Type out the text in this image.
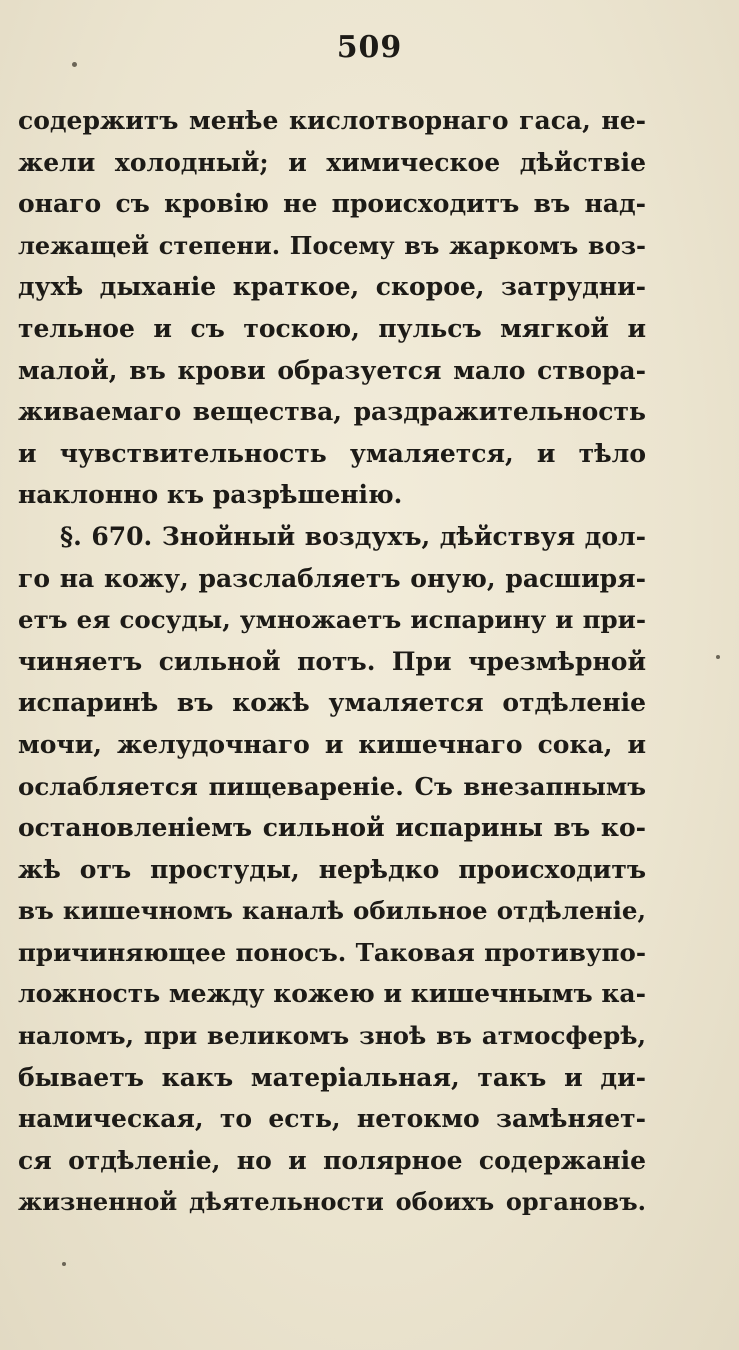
509
содержитъ менѣе кислотворнаго гаса, не-
жели холодный; и химическое дѣйствіе
онаго съ кровію не происходитъ въ над-
лежащей степени. Посему въ жаркомъ воз-
духѣ дыханіе краткое, скорое, затрудни-
тельное и съ тоскою, пульсъ мягкой и
малой, въ крови образуется мало створа-
живаемаго вещества, раздражительность
и чувствительность умаляется, и тѣло
наклонно къ разрѣшенію.
§. 670. Знойный воздухъ, дѣйствуя дол-
го на кожу, разслабляетъ оную, расширя-
етъ ея сосуды, умножаетъ испарину и при-
чиняетъ сильной потъ. При чрезмѣрной
испаринѣ въ кожѣ умаляется отдѣленіе
мочи, желудочнаго и кишечнаго сока, и
ослабляется пищевареніе. Съ внезапнымъ
остановленіемъ сильной испарины въ ко-
жѣ отъ простуды, нерѣдко происходитъ
въ кишечномъ каналѣ обильное отдѣленіе,
причиняющее поносъ. Таковая противупо-
ложность между кожею и кишечнымъ ка-
наломъ, при великомъ зноѣ въ атмосферѣ,
бываетъ какъ матеріальная, такъ и ди-
намическая, то есть, нетокмо замѣняет-
ся отдѣленіе, но и полярное содержаніе
жизненной дѣятельности обоихъ органовъ.
